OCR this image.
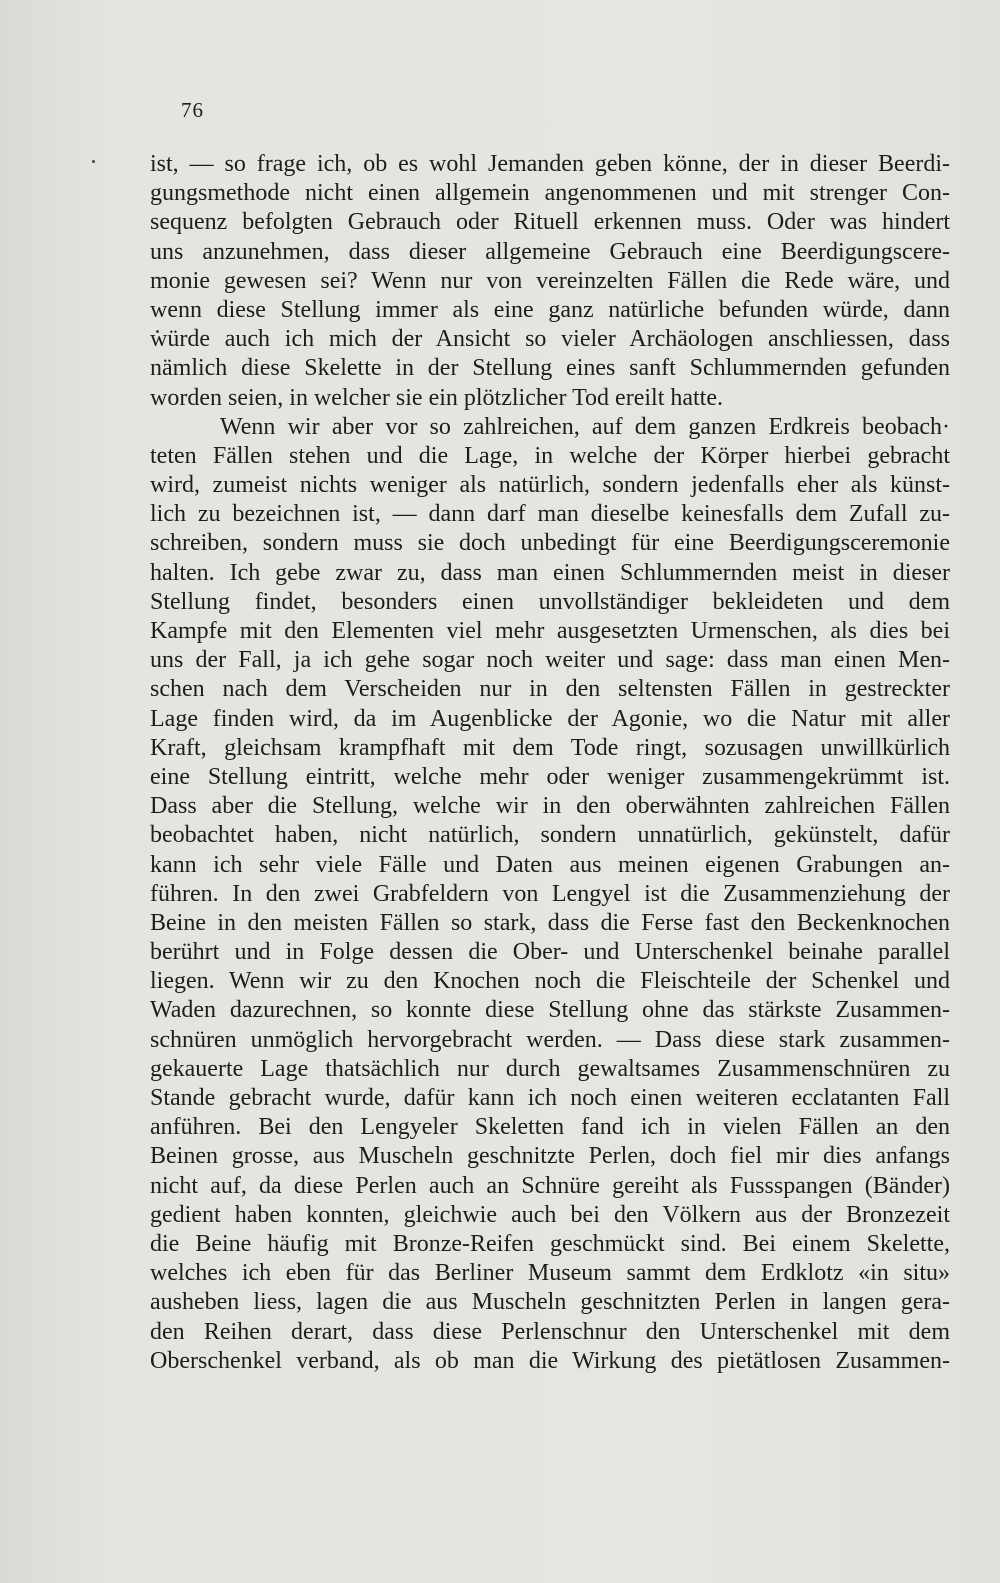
76
ist, — so frage ich, ob es wohl Jemanden geben könne, der in dieser Beerdi-
gungsmethode nicht einen allgemein angenommenen und mit strenger Con-
sequenz befolgten Gebrauch oder Rituell erkennen muss. Oder was hindert
uns anzunehmen, dass dieser allgemeine Gebrauch eine Beerdigungscere-
monie gewesen sei? Wenn nur von vereinzelten Fällen die Rede wäre, und
wenn diese Stellung immer als eine ganz natürliche befunden würde, dann
würde auch ich mich der Ansicht so vieler Archäologen anschliessen, dass
nämlich diese Skelette in der Stellung eines sanft Schlummernden gefunden
worden seien, in welcher sie ein plötzlicher Tod ereilt hatte.
Wenn wir aber vor so zahlreichen, auf dem ganzen Erdkreis beobach·
teten Fällen stehen und die Lage, in welche der Körper hierbei gebracht
wird, zumeist nichts weniger als natürlich, sondern jedenfalls eher als künst-
lich zu bezeichnen ist, — dann darf man dieselbe keinesfalls dem Zufall zu-
schreiben, sondern muss sie doch unbedingt für eine Beerdigungsceremonie
halten. Ich gebe zwar zu, dass man einen Schlummernden meist in dieser
Stellung findet, besonders einen unvollständiger bekleideten und dem
Kampfe mit den Elementen viel mehr ausgesetzten Urmenschen, als dies bei
uns der Fall, ja ich gehe sogar noch weiter und sage: dass man einen Men-
schen nach dem Verscheiden nur in den seltensten Fällen in gestreckter
Lage finden wird, da im Augenblicke der Agonie, wo die Natur mit aller
Kraft, gleichsam krampfhaft mit dem Tode ringt, sozusagen unwillkürlich
eine Stellung eintritt, welche mehr oder weniger zusammengekrümmt ist.
Dass aber die Stellung, welche wir in den oberwähnten zahlreichen Fällen
beobachtet haben, nicht natürlich, sondern unnatürlich, gekünstelt, dafür
kann ich sehr viele Fälle und Daten aus meinen eigenen Grabungen an-
führen. In den zwei Grabfeldern von Lengyel ist die Zusammenziehung der
Beine in den meisten Fällen so stark, dass die Ferse fast den Beckenknochen
berührt und in Folge dessen die Ober- und Unterschenkel beinahe parallel
liegen. Wenn wir zu den Knochen noch die Fleischteile der Schenkel und
Waden dazurechnen, so konnte diese Stellung ohne das stärkste Zusammen-
schnüren unmöglich hervorgebracht werden. — Dass diese stark zusammen-
gekauerte Lage thatsächlich nur durch gewaltsames Zusammenschnüren zu
Stande gebracht wurde, dafür kann ich noch einen weiteren ecclatanten Fall
anführen. Bei den Lengyeler Skeletten fand ich in vielen Fällen an den
Beinen grosse, aus Muscheln geschnitzte Perlen, doch fiel mir dies anfangs
nicht auf, da diese Perlen auch an Schnüre gereiht als Fussspangen (Bänder)
gedient haben konnten, gleichwie auch bei den Völkern aus der Bronzezeit
die Beine häufig mit Bronze-Reifen geschmückt sind. Bei einem Skelette,
welches ich eben für das Berliner Museum sammt dem Erdklotz «in situ»
ausheben liess, lagen die aus Muscheln geschnitzten Perlen in langen gera-
den Reihen derart, dass diese Perlenschnur den Unterschenkel mit dem
Oberschenkel verband, als ob man die Wirkung des pietätlosen Zusammen-
